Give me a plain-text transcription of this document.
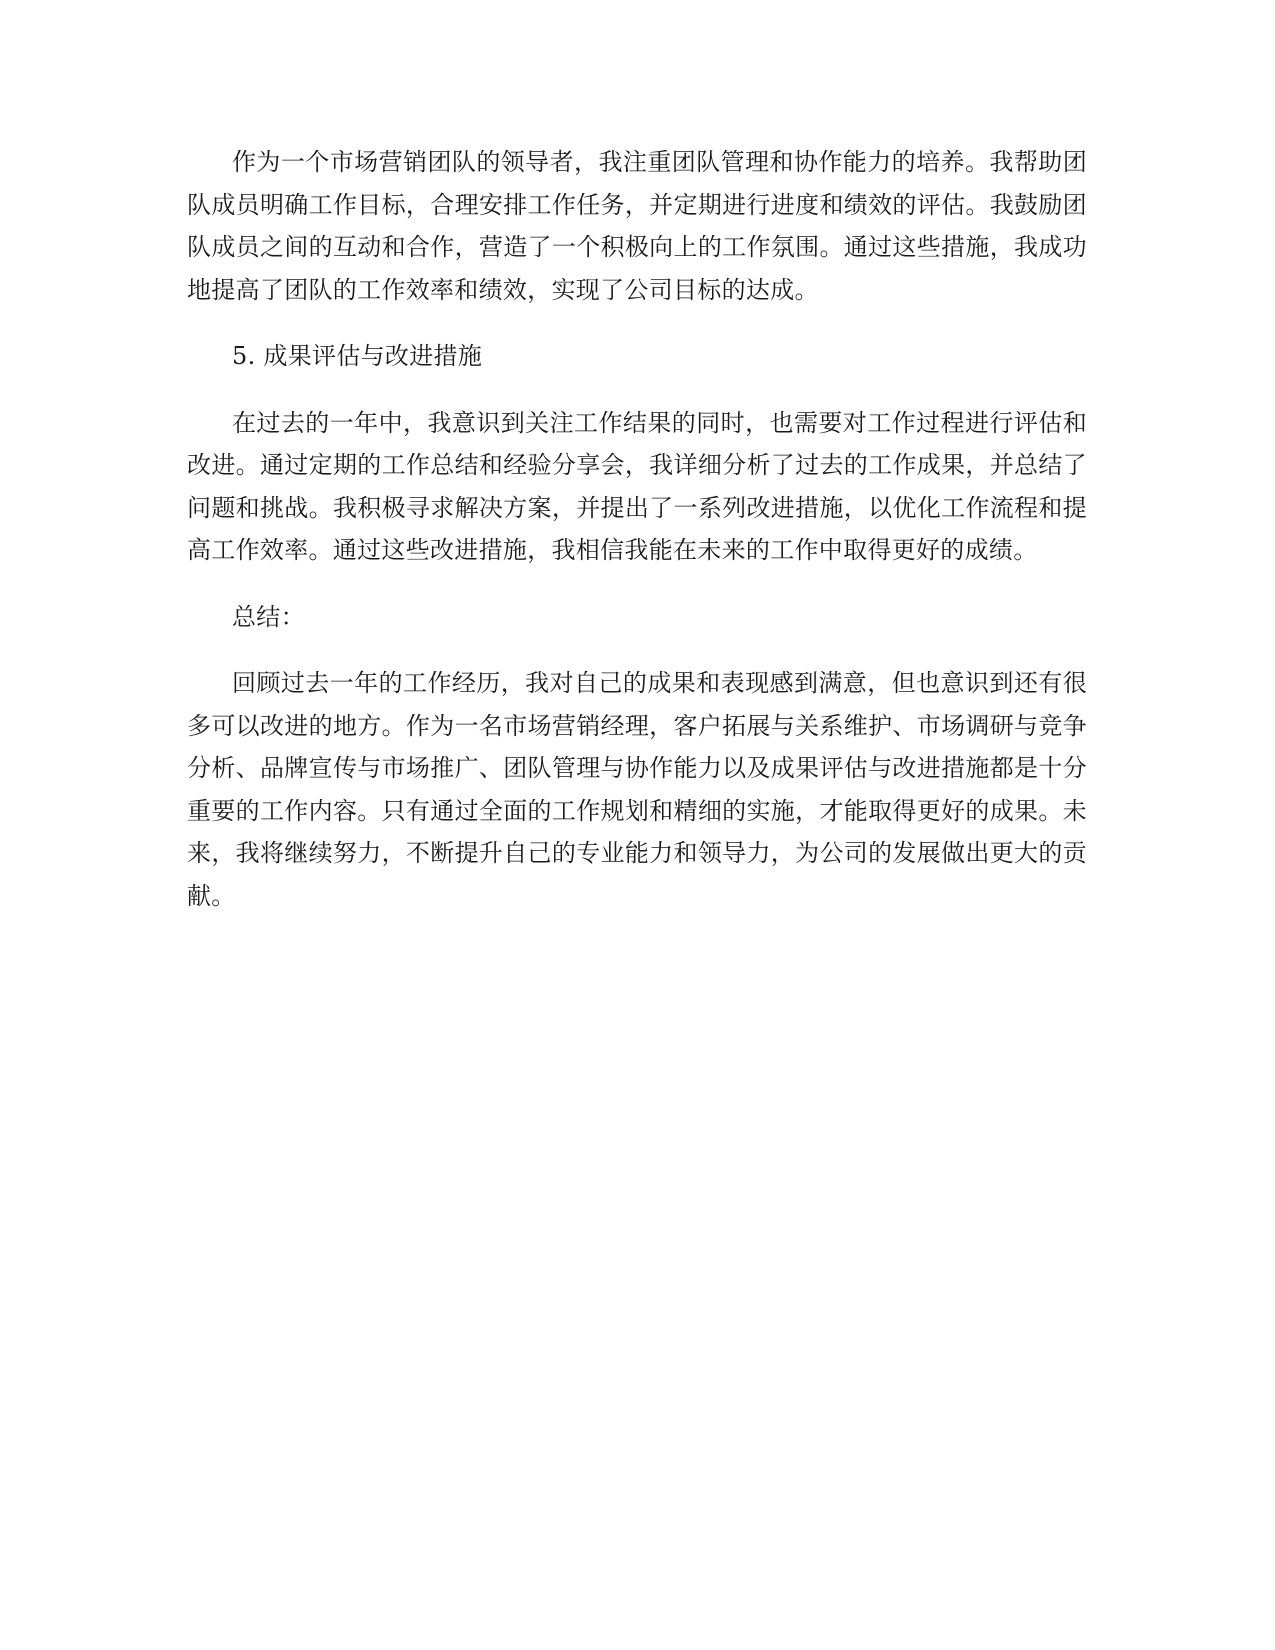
作为一个市场营销团队的领导者，我注重团队管理和协作能力的培养。我帮助团队成员明确工作目标，合理安排工作任务，并定期进行进度和绩效的评估。我鼓励团队成员之间的互动和合作，营造了一个积极向上的工作氛围。通过这些措施，我成功地提高了团队的工作效率和绩效，实现了公司目标的达成。

5. 成果评估与改进措施

在过去的一年中，我意识到关注工作结果的同时，也需要对工作过程进行评估和改进。通过定期的工作总结和经验分享会，我详细分析了过去的工作成果，并总结了问题和挑战。我积极寻求解决方案，并提出了一系列改进措施，以优化工作流程和提高工作效率。通过这些改进措施，我相信我能在未来的工作中取得更好的成绩。

总结：

回顾过去一年的工作经历，我对自己的成果和表现感到满意，但也意识到还有很多可以改进的地方。作为一名市场营销经理，客户拓展与关系维护、市场调研与竞争分析、品牌宣传与市场推广、团队管理与协作能力以及成果评估与改进措施都是十分重要的工作内容。只有通过全面的工作规划和精细的实施，才能取得更好的成果。未来，我将继续努力，不断提升自己的专业能力和领导力，为公司的发展做出更大的贡献。
